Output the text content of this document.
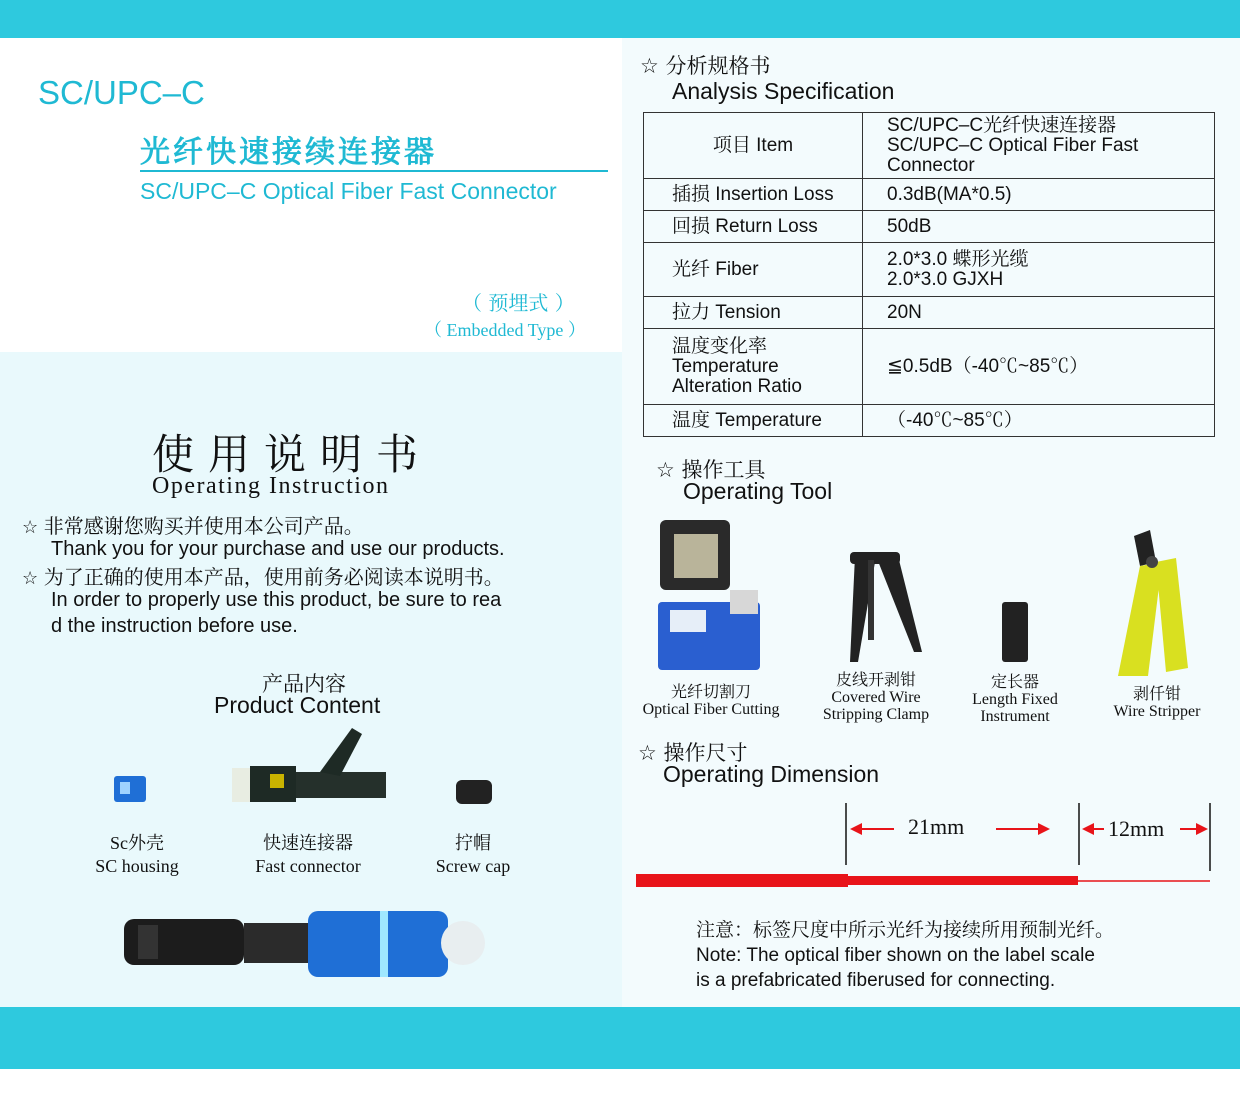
SC/UPC–C
光纤快速接续连接器
SC/UPC–C Optical Fiber Fast Connector
（ 预埋式 ）
（ Embedded Type ）
使用说明书
Operating Instruction
☆ 非常感谢您购买并使用本公司产品。
Thank you for your purchase and use our products.
☆ 为了正确的使用本产品，使用前务必阅读本说明书。
In order to properly use this product, be sure to rea
d the instruction before use.
产品内容
Product Content
Sc外壳
SC housing
快速连接器
Fast connector
拧帽
Screw cap
☆ 分析规格书
Analysis Specification
项目 Item	SC/UPC–C光纤快速连接器
SC/UPC–C Optical Fiber Fast
Connector

插损 Insertion Loss	0.3dB(MA*0.5)

回损 Return Loss	50dB

光纤 Fiber	2.0*3.0 蝶形光缆
2.0*3.0 GJXH

拉力 Tension	20N

温度变化率
Temperature
Alteration Ratio	≦0.5dB（-40℃~85℃）

温度 Temperature	（-40℃~85℃）
☆ 操作工具
Operating Tool
光纤切割刀
Optical Fiber Cutting
皮线开剥钳
Covered Wire
Stripping Clamp
定长器
Length Fixed
Instrument
剥仟钳
Wire Stripper
☆ 操作尺寸
Operating Dimension
21mm	12mm
注意：标签尺度中所示光纤为接续所用预制光纤。
Note: The optical fiber shown on the label scale
is a prefabricated fiberused for connecting.
